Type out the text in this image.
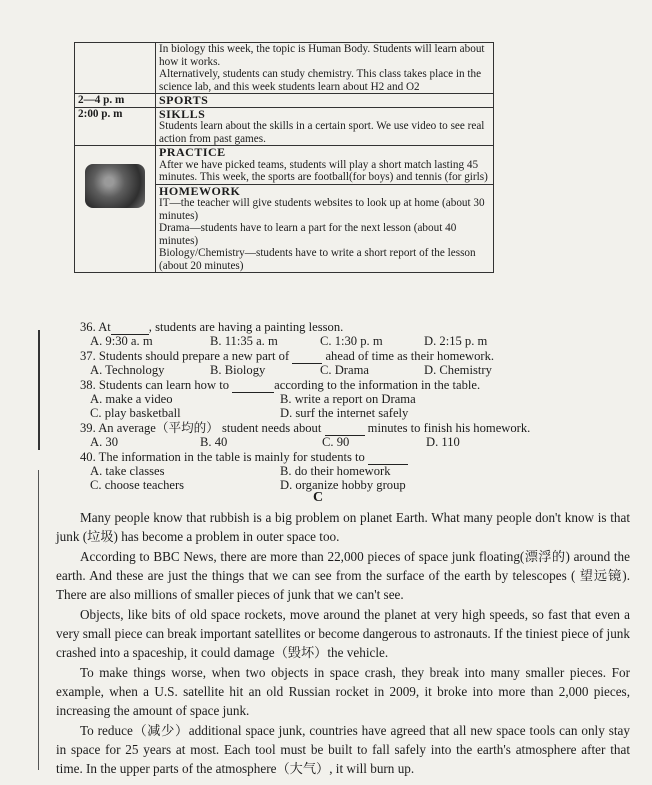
	In biology this week, the topic is Human Body. Students will learn about how it works.
Alternatively, students can study chemistry. This class takes place in the science lab, and this week students learn about H2 and O2

2—4 p. m	SPORTS
2:00 p. m	SIKLLS
Students learn about the skills in a certain sport. We use video to see real action from past games.

	PRACTICE
After we have picked teams, students will play a short match lasting 45 minutes. This week, the sports are football(for boys) and tennis (for girls)

	HOMEWORK
IT—the teacher will give students websites to look up at home (about 30 minutes)
Drama—students have to learn a part for the next lesson (about 40 minutes)
Biology/Chemistry—students have to write a short report of the lesson (about 20 minutes)
36. At	, students are having a painting lesson.
A. 9:30 a. m	B. 11:35 a. m	C. 1:30 p. m	D. 2:15 p. m
37. Students should prepare a new part of	ahead of time as their homework.
A. Technology	B. Biology	C. Drama	D. Chemistry
38. Students can learn how to	according to the information in the table.
A. make a video	B. write a report on Drama
C. play basketball	D. surf the internet safely
39. An average（平均的） student needs about	minutes to finish his homework.
A. 30	B. 40	C. 90	D. 110
40. The information in the table is mainly for students to
A. take classes	B. do their homework
C. choose teachers	D. organize hobby group
C
Many people know that rubbish is a big problem on planet Earth. What many people don't know is that junk (垃圾) has become a problem in outer space too.
According to BBC News, there are more than 22,000 pieces of space junk floating(漂浮的) around the earth. And these are just the things that we can see from the surface of the earth by telescopes ( 望远镜). There are also millions of smaller pieces of junk that we can't see.
Objects, like bits of old space rockets, move around the planet at very high speeds, so fast that even a very small piece can break important satellites or become dangerous to astronauts. If the tiniest piece of junk crashed into a spaceship, it could damage（毁坏）the vehicle.
To make things worse, when two objects in space crash, they break into many smaller pieces. For example, when a U.S. satellite hit an old Russian rocket in 2009, it broke into more than 2,000 pieces, increasing the amount of space junk.
To reduce（减少）additional space junk, countries have agreed that all new space tools can only stay in space for 25 years at most. Each tool must be built to fall safely into the earth's atmosphere after that time. In the upper parts of the atmosphere（大气）, it will burn up.
